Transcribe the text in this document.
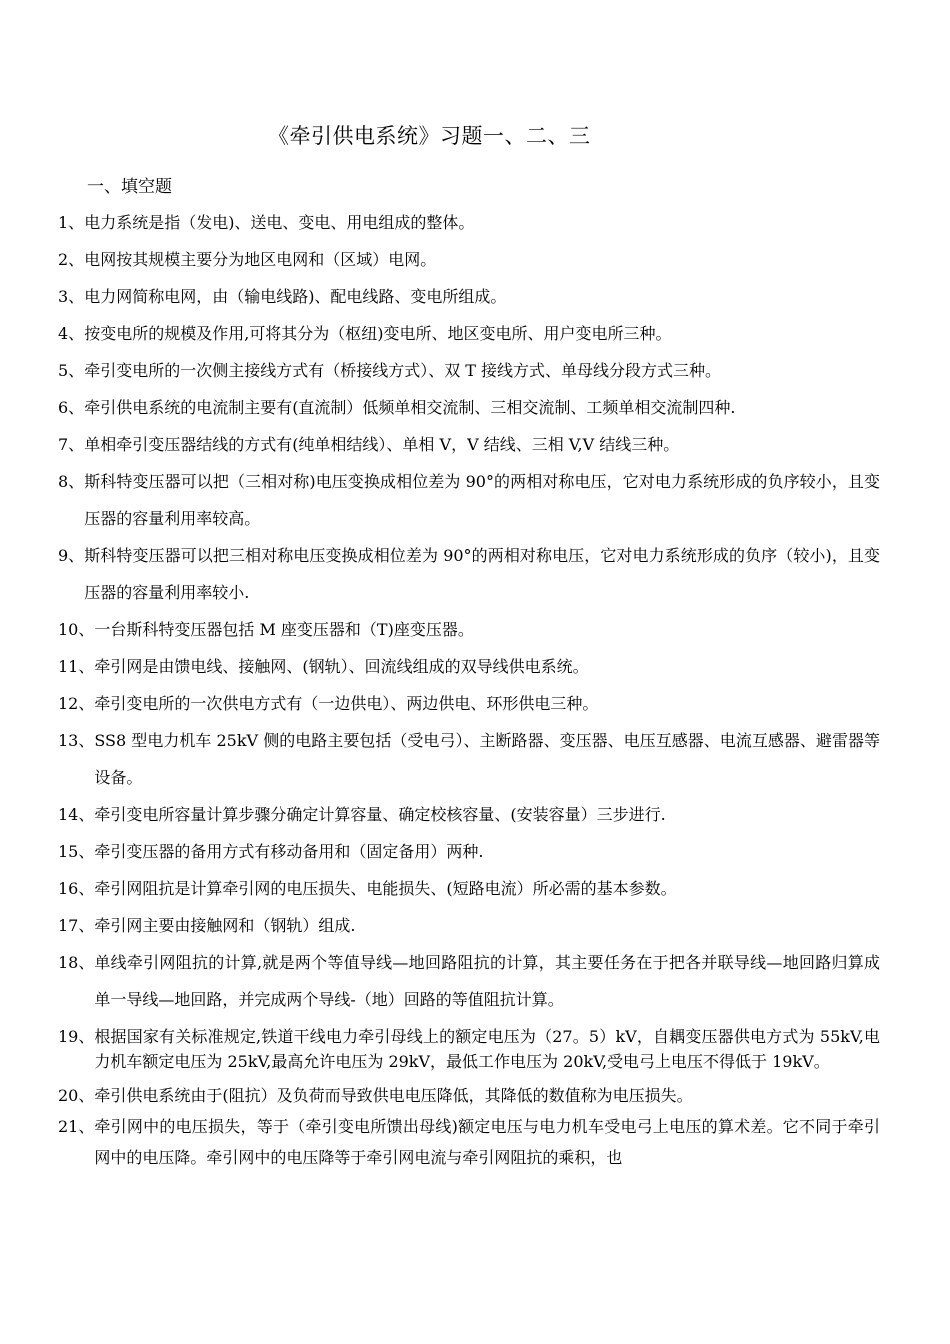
《牵引供电系统》习题一、二、三
一、填空题
1、 电力系统是指（发电)、送电、变电、用电组成的整体。
2、 电网按其规模主要分为地区电网和（区域）电网。
3、 电力网简称电网，由（输电线路)、配电线路、变电所组成。
4、 按变电所的规模及作用,可将其分为（枢纽)变电所、地区变电所、用户变电所三种。
5、 牵引变电所的一次侧主接线方式有（桥接线方式）、双 T 接线方式、单母线分段方式三种。
6、 牵引供电系统的电流制主要有(直流制）低频单相交流制、三相交流制、工频单相交流制四种.
7、 单相牵引变压器结线的方式有(纯单相结线）、单相 V，V 结线、三相 V,V 结线三种。
8、 斯科特变压器可以把（三相对称)电压变换成相位差为 90°的两相对称电压，它对电力系统形成的负序较小，且变压器的容量利用率较高。
9、 斯科特变压器可以把三相对称电压变换成相位差为 90°的两相对称电压，它对电力系统形成的负序（较小)，且变压器的容量利用率较小.
10、 一台斯科特变压器包括 M 座变压器和（T)座变压器。
11、 牵引网是由馈电线、接触网、(钢轨）、回流线组成的双导线供电系统。
12、 牵引变电所的一次供电方式有（一边供电）、两边供电、环形供电三种。
13、 SS8 型电力机车 25kV 侧的电路主要包括（受电弓）、主断路器、变压器、电压互感器、电流互感器、避雷器等设备。
14、 牵引变电所容量计算步骤分确定计算容量、确定校核容量、(安装容量）三步进行.
15、 牵引变压器的备用方式有移动备用和（固定备用）两种.
16、 牵引网阻抗是计算牵引网的电压损失、电能损失、(短路电流）所必需的基本参数。
17、 牵引网主要由接触网和（钢轨）组成.
18、 单线牵引网阻抗的计算,就是两个等值导线—地回路阻抗的计算，其主要任务在于把各并联导线—地回路归算成单一导线—地回路，并完成两个导线-（地）回路的等值阻抗计算。
19、 根据国家有关标准规定,铁道干线电力牵引母线上的额定电压为（27。5）kV，自耦变压器供电方式为 55kV,电力机车额定电压为 25kV,最高允许电压为 29kV，最低工作电压为 20kV,受电弓上电压不得低于 19kV。
20、 牵引供电系统由于(阻抗）及负荷而导致供电电压降低，其降低的数值称为电压损失。
21、 牵引网中的电压损失，等于（牵引变电所馈出母线)额定电压与电力机车受电弓上电压的算术差。它不同于牵引网中的电压降。牵引网中的电压降等于牵引网电流与牵引网阻抗的乘积，也
